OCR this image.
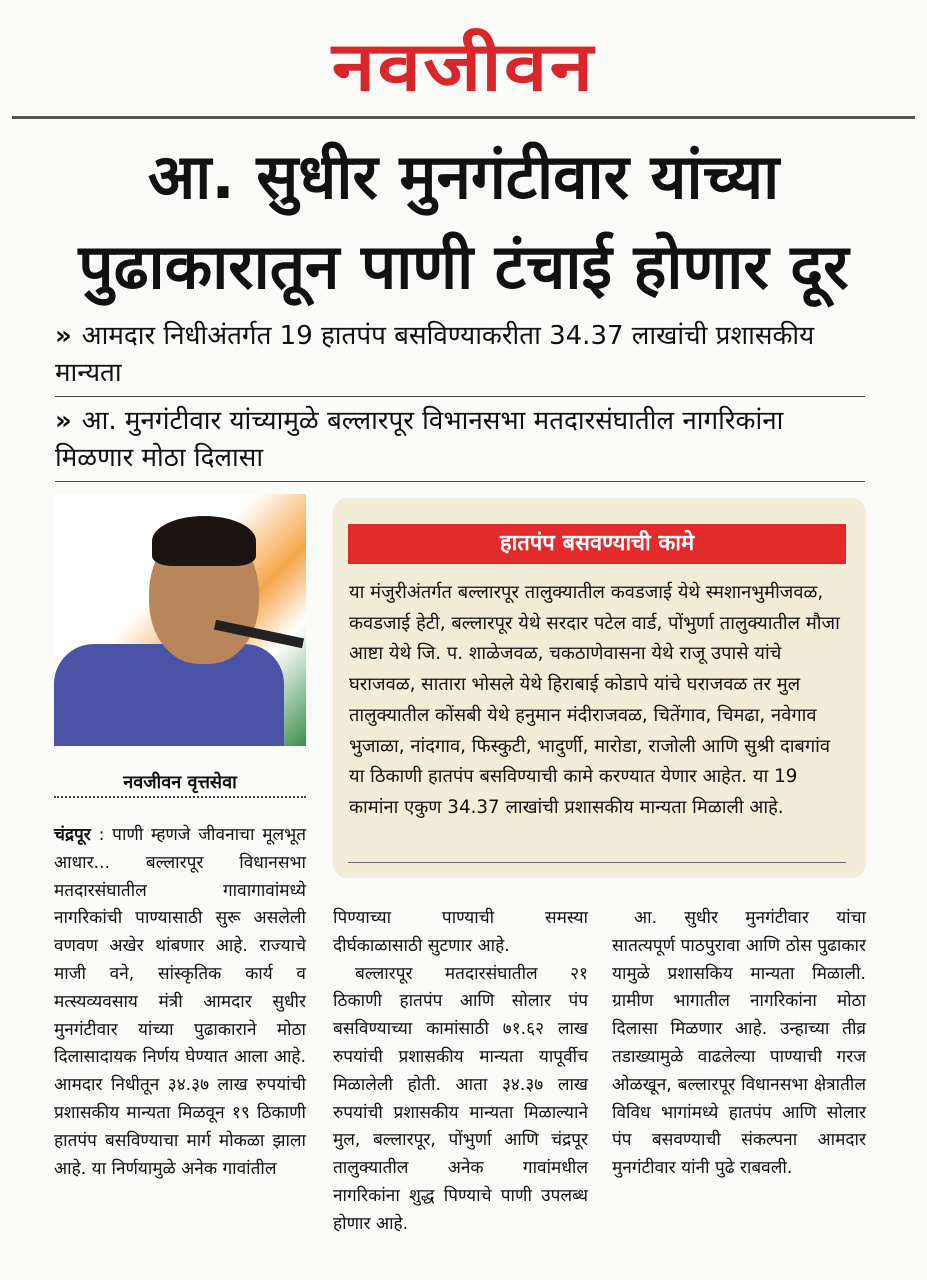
नवजीवन
आ. सुधीर मुनगंटीवार यांच्या
पुढाकारातून पाणी टंचाई होणार दूर
» आमदार निधीअंतर्गत 19 हातपंप बसविण्याकरीता 34.37 लाखांची प्रशासकीय मान्यता
» आ. मुनगंटीवार यांच्यामुळे बल्लारपूर विभानसभा मतदारसंघातील नागरिकांना मिळणार मोठा दिलासा
नवजीवन वृत्तसेवा
हातपंप बसवण्याची कामे
या मंजुरीअंतर्गत बल्लारपूर तालुक्यातील कवडजाई येथे स्मशानभुमीजवळ, कवडजाई हेटी, बल्लारपूर येथे सरदार पटेल वार्ड, पोंभुर्णा तालुक्यातील मौजा आष्टा येथे जि. प. शाळेजवळ, चकठाणेवासना येथे राजू उपासे यांचे घराजवळ, सातारा भोसले येथे हिराबाई कोडापे यांचे घराजवळ तर मुल तालुक्यातील कोंसबी येथे हनुमान मंदीराजवळ, चितेंगाव, चिमढा, नवेगाव भुजाळा, नांदगाव, फिस्कुटी, भादुर्णी, मारोडा, राजोली आणि सुश्री दाबगांव या ठिकाणी हातपंप बसविण्याची कामे करण्यात येणार आहेत. या 19 कामांना एकुण 34.37 लाखांची प्रशासकीय मान्यता मिळाली आहे.

चंद्रपूर : पाणी म्हणजे जीवनाचा मूलभूत आधार... बल्लारपूर विधानसभा मतदारसंघातील गावागावांमध्ये नागरिकांची पाण्यासाठी सुरू असलेली वणवण अखेर थांबणार आहे. राज्याचे माजी वने, सांस्कृतिक कार्य व मत्स्यव्यवसाय मंत्री आमदार सुधीर मुनगंटीवार यांच्या पुढाकाराने मोठा दिलासादायक निर्णय घेण्यात आला आहे. आमदार निधीतून ३४.३७ लाख रुपयांची प्रशासकीय मान्यता मिळवून १९ ठिकाणी हातपंप बसविण्याचा मार्ग मोकळा झाला आहे. या निर्णयामुळे अनेक गावांतील

पिण्याच्या पाण्याची समस्या दीर्घकाळासाठी सुटणार आहे.

बल्लारपूर मतदारसंघातील २१ ठिकाणी हातपंप आणि सोलार पंप बसविण्याच्या कामांसाठी ७१.६२ लाख रुपयांची प्रशासकीय मान्यता यापूर्वीच मिळालेली होती. आता ३४.३७ लाख रुपयांची प्रशासकीय मान्यता मिळाल्याने मुल, बल्लारपूर, पोंभुर्णा आणि चंद्रपूर तालुक्यातील अनेक गावांमधील नागरिकांना शुद्ध पिण्याचे पाणी उपलब्ध होणार आहे.

आ. सुधीर मुनगंटीवार यांचा सातत्यपूर्ण पाठपुरावा आणि ठोस पुढाकार यामुळे प्रशासकिय मान्यता मिळाली. ग्रामीण भागातील नागरिकांना मोठा दिलासा मिळणार आहे. उन्हाच्या तीव्र तडाख्यामुळे वाढलेल्या पाण्याची गरज ओळखून, बल्लारपूर विधानसभा क्षेत्रातील विविध भागांमध्ये हातपंप आणि सोलार पंप बसवण्याची संकल्पना आमदार मुनगंटीवार यांनी पुढे राबवली.
